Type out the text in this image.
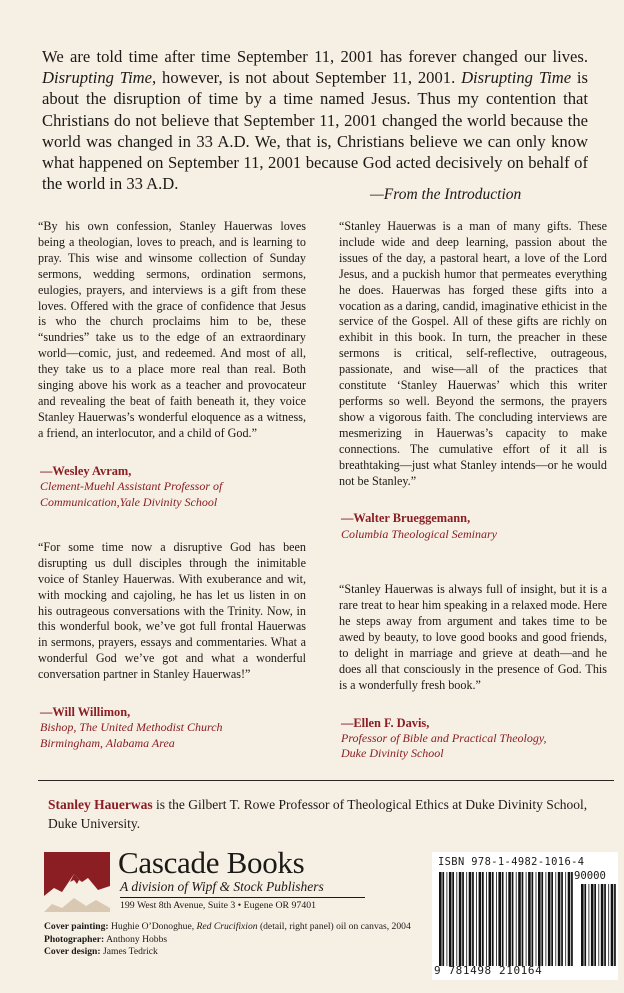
We are told time after time September 11, 2001 has forever changed our lives. Disrupting Time, however, is not about September 11, 2001. Disrupting Time is about the disruption of time by a time named Jesus. Thus my contention that Christians do not believe that September 11, 2001 changed the world because the world was changed in 33 A.D. We, that is, Christians believe we can only know what happened on September 11, 2001 because God acted decisively on behalf of the world in 33 A.D.

—From the Introduction

“By his own confession, Stanley Hauerwas loves being a theologian, loves to preach, and is learning to pray. This wise and winsome collection of Sunday sermons, wedding sermons, ordination sermons, eulogies, prayers, and interviews is a gift from these loves. Offered with the grace of confidence that Jesus is who the church proclaims him to be, these “sundries” take us to the edge of an extraordinary world—comic, just, and redeemed. And most of all, they take us to a place more real than real. Both singing above his work as a teacher and provocateur and revealing the beat of faith beneath it, they voice Stanley Hauerwas’s wonderful eloquence as a witness, a friend, an interlocutor, and a child of God.”

—Wesley Avram,
Clement-Muehl Assistant Professor of
Communication,Yale Divinity School

“For some time now a disruptive God has been disrupting us dull disciples through the inimitable voice of Stanley Hauerwas. With exuberance and wit, with mocking and cajoling, he has let us listen in on his outrageous conversations with the Trinity. Now, in this wonderful book, we’ve got full frontal Hauerwas in sermons, prayers, essays and commentaries. What a wonderful God we’ve got and what a wonderful conversation partner in Stanley Hauerwas!”

—Will Willimon,
Bishop, The United Methodist Church
Birmingham, Alabama Area

“Stanley Hauerwas is a man of many gifts. These include wide and deep learning, passion about the issues of the day, a pastoral heart, a love of the Lord Jesus, and a puckish humor that permeates everything he does. Hauerwas has forged these gifts into a vocation as a daring, candid, imaginative ethicist in the service of the Gospel. All of these gifts are richly on exhibit in this book. In turn, the preacher in these sermons is critical, self-reflective, outrageous, passionate, and wise—all of the practices that constitute ‘Stanley Hauerwas’ which this writer performs so well. Beyond the sermons, the prayers show a vigorous faith. The concluding interviews are mesmerizing in Hauerwas’s capacity to make connections. The cumulative effort of it all is breathtaking—just what Stanley intends—or he would not be Stanley.”

—Walter Brueggemann,
Columbia Theological Seminary

“Stanley Hauerwas is always full of insight, but it is a rare treat to hear him speaking in a relaxed mode. Here he steps away from argument and takes time to be awed by beauty, to love good books and good friends, to delight in marriage and grieve at death—and he does all that consciously in the presence of God. This is a wonderfully fresh book.”

—Ellen F. Davis,
Professor of Bible and Practical Theology,
Duke Divinity School

Stanley Hauerwas is the Gilbert T. Rowe Professor of Theological Ethics at Duke Divinity School, Duke University.

Cascade Books
A division of Wipf & Stock Publishers
199 West 8th Avenue, Suite 3 • Eugene OR 97401
Cover painting: Hughie O’Donoghue, Red Crucifixion (detail, right panel) oil on canvas, 2004
Photographer: Anthony Hobbs
Cover design: James Tedrick
ISBN 978-1-4982-1016-4
90000
9 781498 210164
